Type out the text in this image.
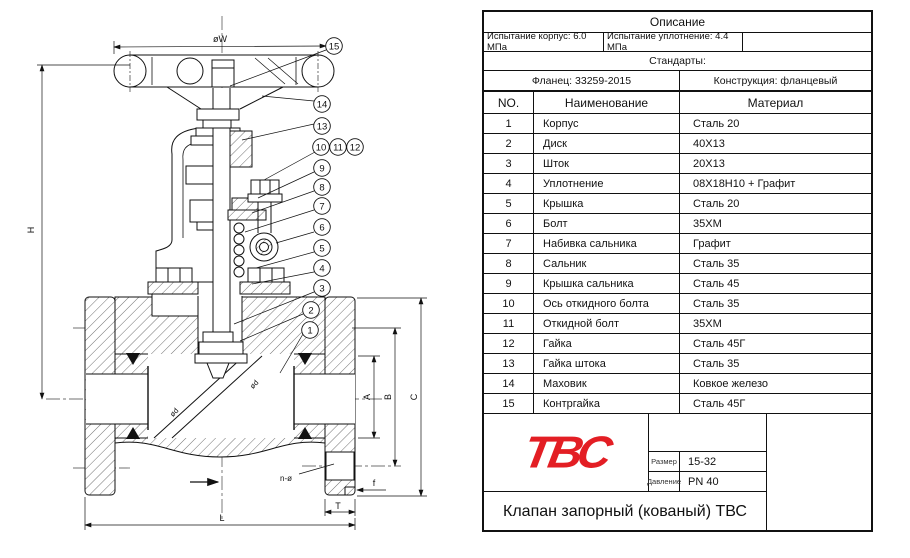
øW
H
A B C
f
T
L
n-ø
ød
ød
15
14
13
10 11 12
9
8
7
6
5
4
3
2
1
Описание
Испытание корпус: 6.0 МПа
Испытание уплотнение: 4.4 МПа
Стандарты:
Фланец: 33259-2015	Конструкция: фланцевый
NO.	Наименование	Материал
1	Корпус	Сталь 20
2	Диск	40X13
3	Шток	20X13
4	Уплотнение	08X18H10 + Графит
5	Крышка	Сталь 20
6	Болт	35XM
7	Набивка сальника	Графит
8	Сальник	Сталь 35
9	Крышка сальника	Сталь 45
10	Ось откидного болта	Сталь 35
11	Откидной болт	35XM
12	Гайка	Сталь 45Г
13	Гайка штока	Сталь 35
14	Маховик	Ковкое железо
15	Контргайка	Сталь 45Г
ТВС	Размер	15-32
Давление PN 40
Клапан запорный (кованый) ТВС
